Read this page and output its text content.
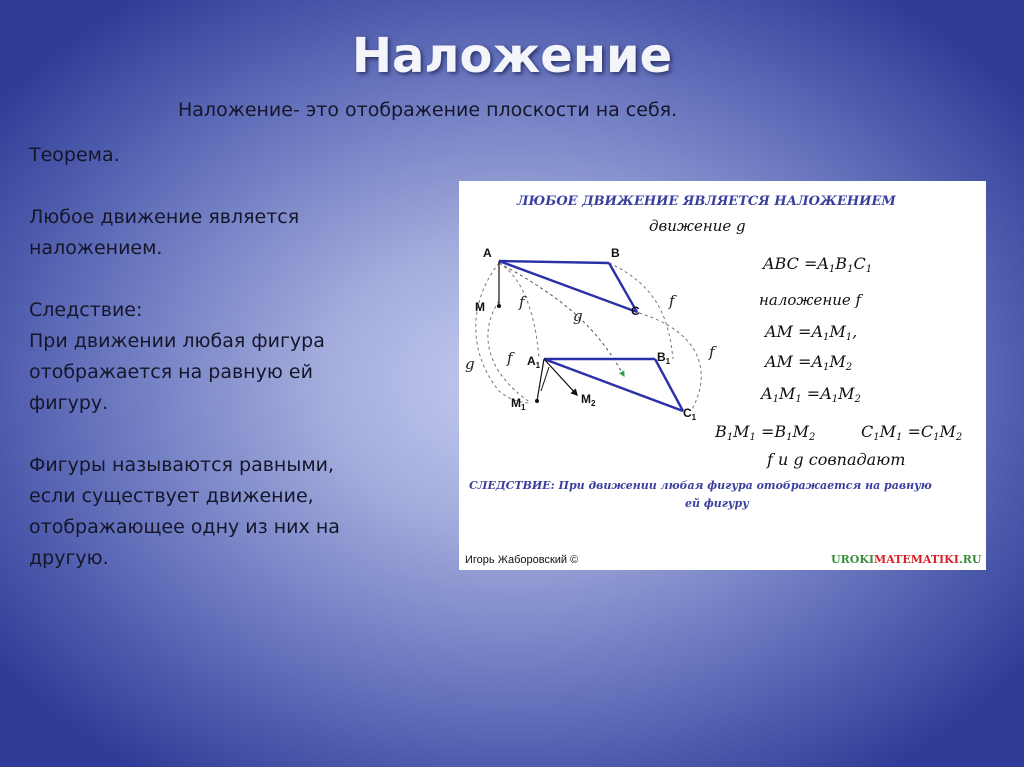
Наложение
Наложение- это отображение плоскости на себя.

Теорема.

Любое движение является

наложением.

Следствие:

При движении любая фигура

отображается на равную ей

фигуру.

Фигуры называются равными,

если существует движение,

отображающее одну из них на

другую.

ЛЮБОЕ ДВИЖЕНИЕ ЯВЛЯЕТСЯ НАЛОЖЕНИЕМ
движение g
A	B
C
M
$A_1$
$B_1$
$C_1$
$M_1$
$M_2$
f
f
f
f
g
g
ABC =A1B1C1
наложение f
AM =A1M1,
AM =A1M2
A1M1 =A1M2
B1M1 =B1M2	C1M1 =C1M2
f и g совпадают
СЛЕДСТВИЕ: При движении любая фигура отображается на равную
ей фигуру
Игорь Жаборовский ©	UROKIMATEMATIKI.RU
